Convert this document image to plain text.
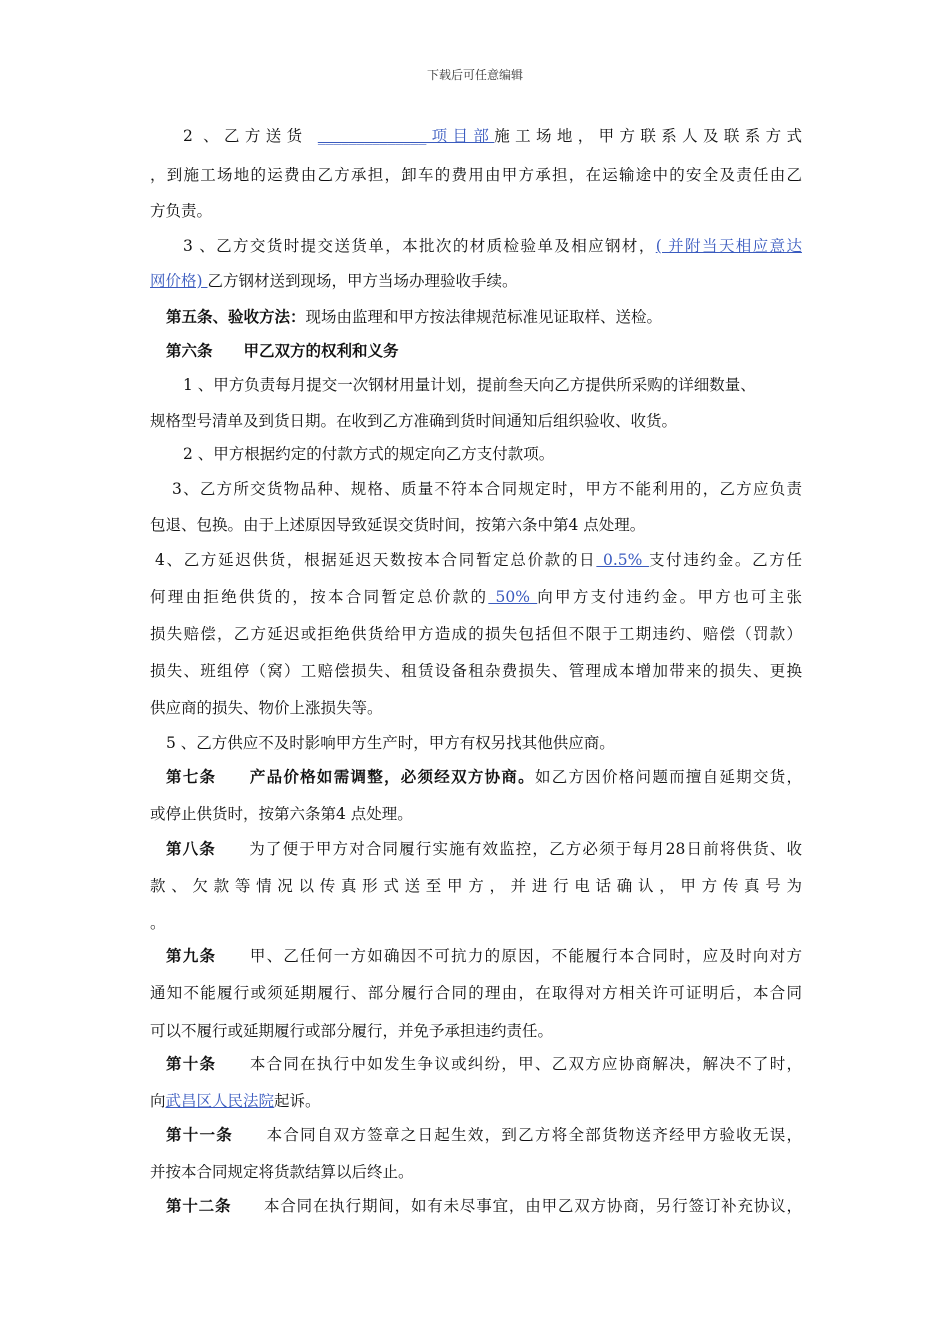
下载后可任意编辑
2 、乙方送货 ______________项目部施工场地，甲方联系人及联系方式
，到施工场地的运费由乙方承担，卸车的费用由甲方承担，在运输途中的安全及责任由乙
方负责。
3 、乙方交货时提交送货单，本批次的材质检验单及相应钢材，( 并附当天相应意达
网价格) 乙方钢材送到现场，甲方当场办理验收手续。
第五条、验收方法：现场由监理和甲方按法律规范标准见证取样、送检。
第六条　　甲乙双方的权利和义务
1 、甲方负责每月提交一次钢材用量计划，提前叁天向乙方提供所采购的详细数量、
规格型号清单及到货日期。在收到乙方准确到货时间通知后组织验收、收货。
2 、甲方根据约定的付款方式的规定向乙方支付款项。
3、乙方所交货物品种、规格、质量不符本合同规定时，甲方不能利用的，乙方应负责
包退、包换。由于上述原因导致延误交货时间，按第六条中第4 点处理。
4、乙方延迟供货，根据延迟天数按本合同暂定总价款的日 0.5% 支付违约金。乙方任
何理由拒绝供货的，按本合同暂定总价款的 50% 向甲方支付违约金。甲方也可主张
损失赔偿，乙方延迟或拒绝供货给甲方造成的损失包括但不限于工期违约、赔偿（罚款）
损失、班组停（窝）工赔偿损失、租赁设备租杂费损失、管理成本增加带来的损失、更换
供应商的损失、物价上涨损失等。
5 、乙方供应不及时影响甲方生产时，甲方有权另找其他供应商。
第七条　　产品价格如需调整，必须经双方协商。如乙方因价格问题而擅自延期交货，
或停止供货时，按第六条第4 点处理。
第八条　　为了便于甲方对合同履行实施有效监控，乙方必须于每月28日前将供货、收
款、欠款等情况以传真形式送至甲方，并进行电话确认，甲方传真号为
。
第九条　　甲、乙任何一方如确因不可抗力的原因，不能履行本合同时，应及时向对方
通知不能履行或须延期履行、部分履行合同的理由，在取得对方相关许可证明后，本合同
可以不履行或延期履行或部分履行，并免予承担违约责任。
第十条　　本合同在执行中如发生争议或纠纷，甲、乙双方应协商解决，解决不了时，
向武昌区人民法院起诉。
第十一条　　本合同自双方签章之日起生效，到乙方将全部货物送齐经甲方验收无误，
并按本合同规定将货款结算以后终止。
第十二条　　本合同在执行期间，如有未尽事宜，由甲乙双方协商，另行签订补充协议，
